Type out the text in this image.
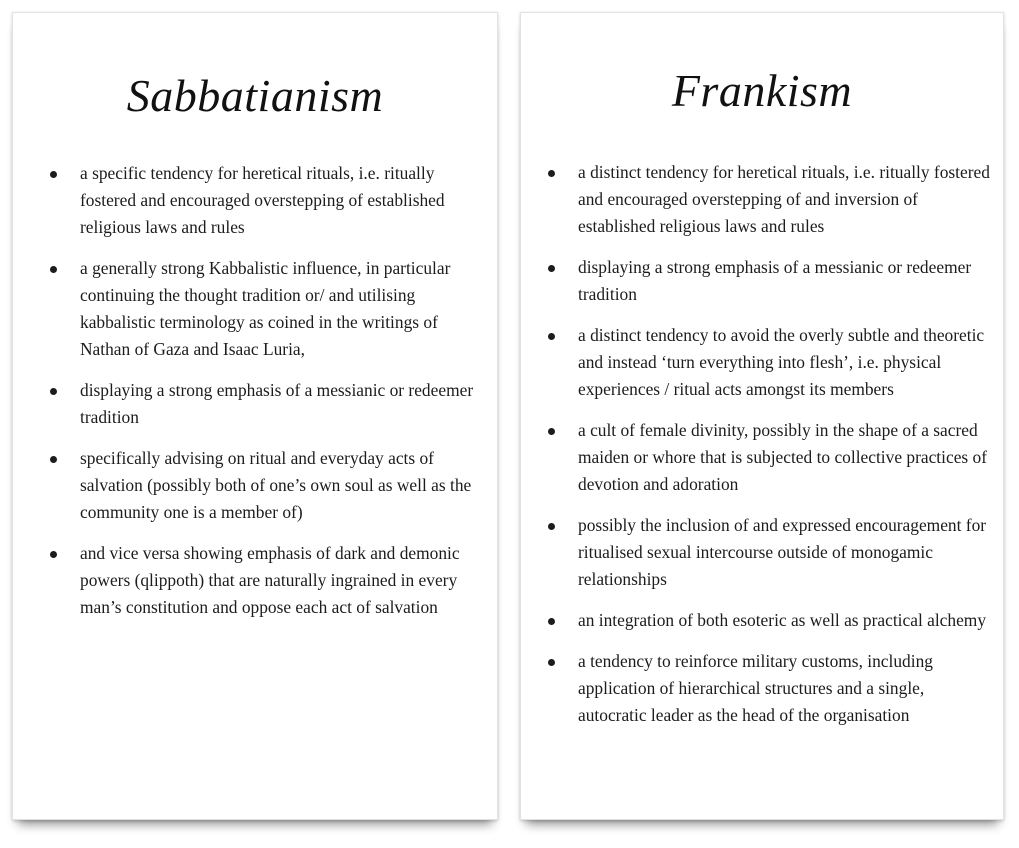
Sabbatianism
a specific tendency for heretical rituals, i.e. ritually fostered and encouraged overstepping of established religious laws and rules
a generally strong Kabbalistic influence, in particular continuing the thought tradition or/ and utilising kabbalistic terminology as coined in the writings of Nathan of Gaza and Isaac Luria,
displaying a strong emphasis of a messianic or redeemer tradition
specifically advising on ritual and everyday acts of salvation (possibly both of one’s own soul as well as the community one is a member of)
and vice versa showing emphasis of dark and demonic powers (qlippoth) that are naturally ingrained in every man’s constitution and oppose each act of salvation
Frankism
a distinct tendency for heretical rituals, i.e. ritually fostered and encouraged overstepping of and inversion of established religious laws and rules
displaying a strong emphasis of a messianic or redeemer tradition
a distinct tendency to avoid the overly subtle and theoretic and instead ‘turn everything into flesh’, i.e. physical experiences / ritual acts amongst its members
a cult of female divinity, possibly in the shape of a sacred maiden or whore that is subjected to collective practices of devotion and adoration
possibly the inclusion of and expressed encouragement for ritualised sexual intercourse outside of monogamic relationships
an integration of both esoteric as well as practical alchemy
a tendency to reinforce military customs, including application of hierarchical structures and a single, autocratic leader as the head of the organisation
